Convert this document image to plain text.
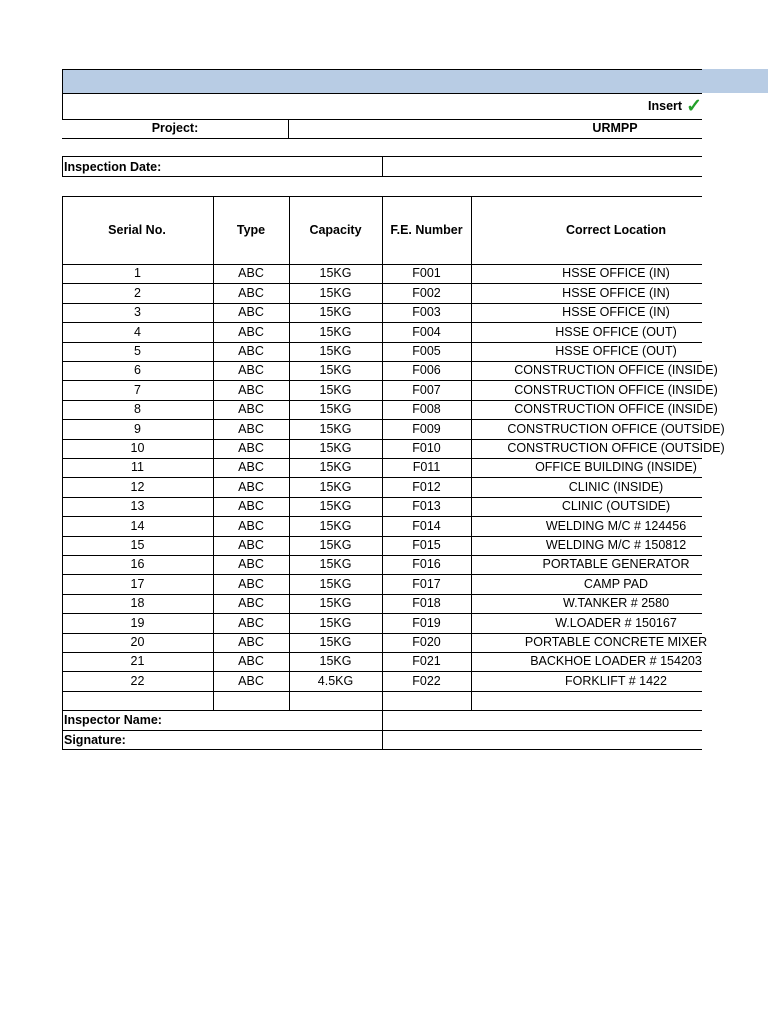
Insert ✓
Project:	URMPP
Inspection Date:
Serial No.	Type	Capacity	F.E. Number	Correct Location
1	ABC	15KG	F001	HSSE OFFICE (IN)
2	ABC	15KG	F002	HSSE OFFICE (IN)
3	ABC	15KG	F003	HSSE OFFICE (IN)
4	ABC	15KG	F004	HSSE OFFICE (OUT)
5	ABC	15KG	F005	HSSE OFFICE (OUT)
6	ABC	15KG	F006	CONSTRUCTION OFFICE (INSIDE)
7	ABC	15KG	F007	CONSTRUCTION OFFICE (INSIDE)
8	ABC	15KG	F008	CONSTRUCTION OFFICE (INSIDE)
9	ABC	15KG	F009	CONSTRUCTION OFFICE (OUTSIDE)
10	ABC	15KG	F010	CONSTRUCTION OFFICE (OUTSIDE)
11	ABC	15KG	F011	OFFICE BUILDING (INSIDE)
12	ABC	15KG	F012	CLINIC (INSIDE)
13	ABC	15KG	F013	CLINIC (OUTSIDE)
14	ABC	15KG	F014	WELDING M/C # 124456
15	ABC	15KG	F015	WELDING M/C # 150812
16	ABC	15KG	F016	PORTABLE GENERATOR
17	ABC	15KG	F017	CAMP PAD
18	ABC	15KG	F018	W.TANKER # 2580
19	ABC	15KG	F019	W.LOADER # 150167
20	ABC	15KG	F020	PORTABLE CONCRETE MIXER
21	ABC	15KG	F021	BACKHOE LOADER # 154203
22	ABC	4.5KG	F022	FORKLIFT # 1422
Inspector Name:
Signature:
